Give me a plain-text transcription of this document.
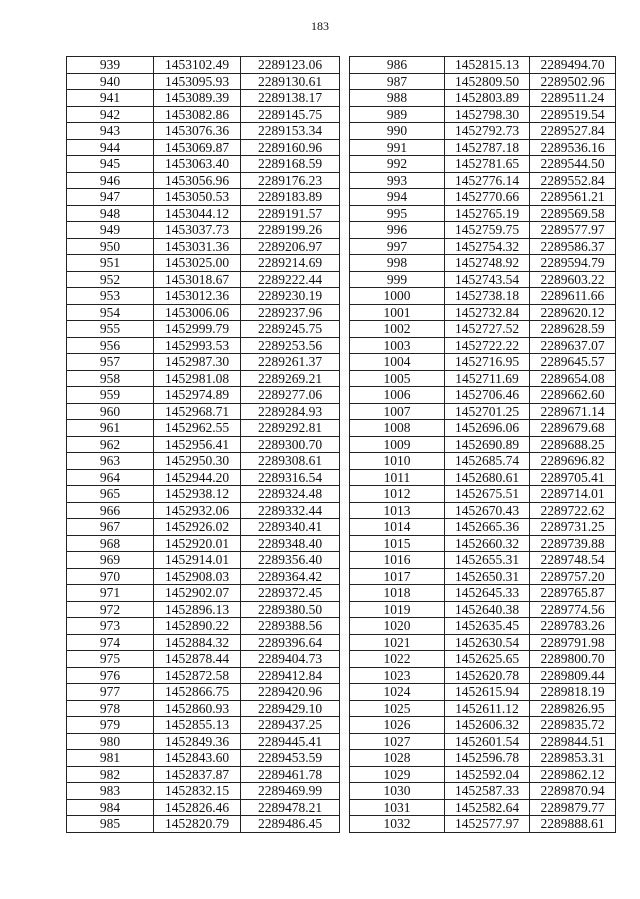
183
939	1453102.49	2289123.06
940	1453095.93	2289130.61
941	1453089.39	2289138.17
942	1453082.86	2289145.75
943	1453076.36	2289153.34
944	1453069.87	2289160.96
945	1453063.40	2289168.59
946	1453056.96	2289176.23
947	1453050.53	2289183.89
948	1453044.12	2289191.57
949	1453037.73	2289199.26
950	1453031.36	2289206.97
951	1453025.00	2289214.69
952	1453018.67	2289222.44
953	1453012.36	2289230.19
954	1453006.06	2289237.96
955	1452999.79	2289245.75
956	1452993.53	2289253.56
957	1452987.30	2289261.37
958	1452981.08	2289269.21
959	1452974.89	2289277.06
960	1452968.71	2289284.93
961	1452962.55	2289292.81
962	1452956.41	2289300.70
963	1452950.30	2289308.61
964	1452944.20	2289316.54
965	1452938.12	2289324.48
966	1452932.06	2289332.44
967	1452926.02	2289340.41
968	1452920.01	2289348.40
969	1452914.01	2289356.40
970	1452908.03	2289364.42
971	1452902.07	2289372.45
972	1452896.13	2289380.50
973	1452890.22	2289388.56
974	1452884.32	2289396.64
975	1452878.44	2289404.73
976	1452872.58	2289412.84
977	1452866.75	2289420.96
978	1452860.93	2289429.10
979	1452855.13	2289437.25
980	1452849.36	2289445.41
981	1452843.60	2289453.59
982	1452837.87	2289461.78
983	1452832.15	2289469.99
984	1452826.46	2289478.21
985	1452820.79	2289486.45
986	1452815.13	2289494.70
987	1452809.50	2289502.96
988	1452803.89	2289511.24
989	1452798.30	2289519.54
990	1452792.73	2289527.84
991	1452787.18	2289536.16
992	1452781.65	2289544.50
993	1452776.14	2289552.84
994	1452770.66	2289561.21
995	1452765.19	2289569.58
996	1452759.75	2289577.97
997	1452754.32	2289586.37
998	1452748.92	2289594.79
999	1452743.54	2289603.22
1000	1452738.18	2289611.66
1001	1452732.84	2289620.12
1002	1452727.52	2289628.59
1003	1452722.22	2289637.07
1004	1452716.95	2289645.57
1005	1452711.69	2289654.08
1006	1452706.46	2289662.60
1007	1452701.25	2289671.14
1008	1452696.06	2289679.68
1009	1452690.89	2289688.25
1010	1452685.74	2289696.82
1011	1452680.61	2289705.41
1012	1452675.51	2289714.01
1013	1452670.43	2289722.62
1014	1452665.36	2289731.25
1015	1452660.32	2289739.88
1016	1452655.31	2289748.54
1017	1452650.31	2289757.20
1018	1452645.33	2289765.87
1019	1452640.38	2289774.56
1020	1452635.45	2289783.26
1021	1452630.54	2289791.98
1022	1452625.65	2289800.70
1023	1452620.78	2289809.44
1024	1452615.94	2289818.19
1025	1452611.12	2289826.95
1026	1452606.32	2289835.72
1027	1452601.54	2289844.51
1028	1452596.78	2289853.31
1029	1452592.04	2289862.12
1030	1452587.33	2289870.94
1031	1452582.64	2289879.77
1032	1452577.97	2289888.61
